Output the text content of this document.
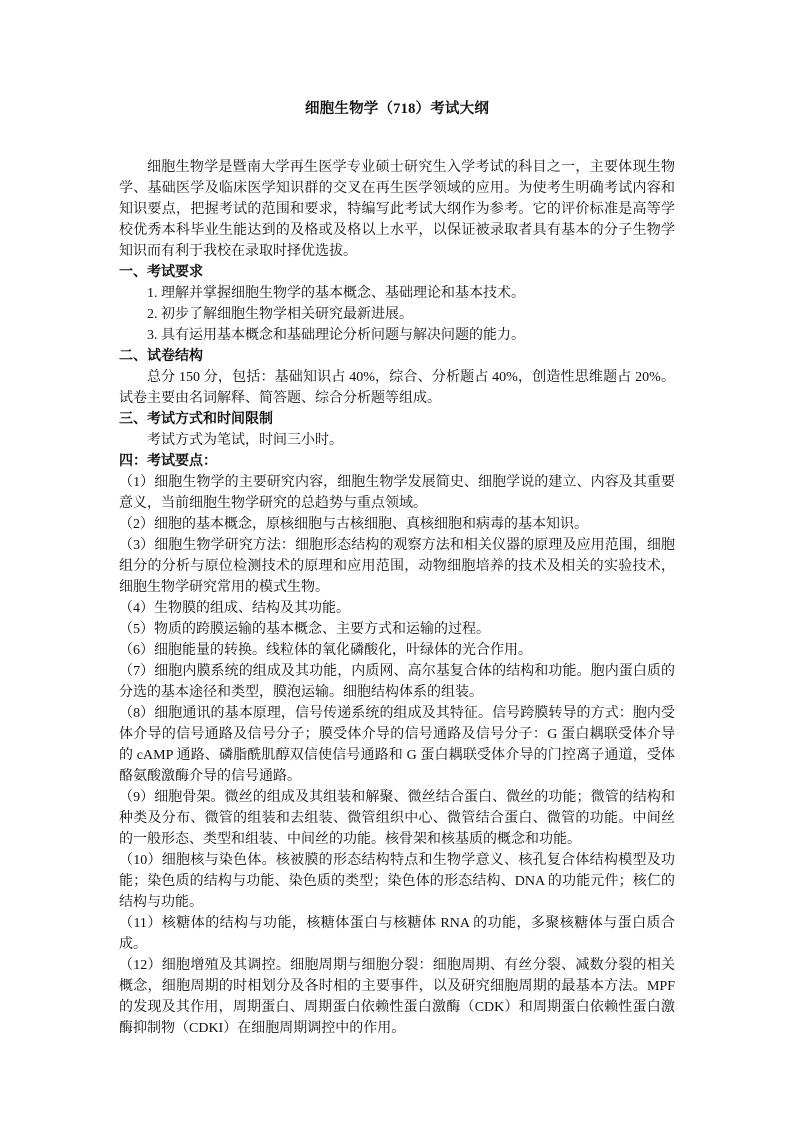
细胞生物学（718）考试大纲

细胞生物学是暨南大学再生医学专业硕士研究生入学考试的科目之一，主要体现生物学、基础医学及临床医学知识群的交叉在再生医学领域的应用。为使考生明确考试内容和知识要点，把握考试的范围和要求，特编写此考试大纲作为参考。它的评价标准是高等学校优秀本科毕业生能达到的及格或及格以上水平，以保证被录取者具有基本的分子生物学知识而有利于我校在录取时择优选拔。

一、考试要求

1. 理解并掌握细胞生物学的基本概念、基础理论和基本技术。

2. 初步了解细胞生物学相关研究最新进展。

3. 具有运用基本概念和基础理论分析问题与解决问题的能力。

二、试卷结构

总分 150 分，包括：基础知识占 40%，综合、分析题占 40%，创造性思维题占 20%。试卷主要由名词解释、简答题、综合分析题等组成。

三、考试方式和时间限制

考试方式为笔试，时间三小时。

四：考试要点：

（1）细胞生物学的主要研究内容，细胞生物学发展简史、细胞学说的建立、内容及其重要意义，当前细胞生物学研究的总趋势与重点领域。

（2）细胞的基本概念，原核细胞与古核细胞、真核细胞和病毒的基本知识。

（3）细胞生物学研究方法：细胞形态结构的观察方法和相关仪器的原理及应用范围，细胞组分的分析与原位检测技术的原理和应用范围，动物细胞培养的技术及相关的实验技术，细胞生物学研究常用的模式生物。

（4）生物膜的组成、结构及其功能。

（5）物质的跨膜运输的基本概念、主要方式和运输的过程。

（6）细胞能量的转换。线粒体的氧化磷酸化，叶绿体的光合作用。

（7）细胞内膜系统的组成及其功能，内质网、高尔基复合体的结构和功能。胞内蛋白质的分选的基本途径和类型，膜泡运输。细胞结构体系的组装。

（8）细胞通讯的基本原理，信号传递系统的组成及其特征。信号跨膜转导的方式：胞内受体介导的信号通路及信号分子；膜受体介导的信号通路及信号分子：G 蛋白耦联受体介导的 cAMP 通路、磷脂酰肌醇双信使信号通路和 G 蛋白耦联受体介导的门控离子通道，受体酪氨酸激酶介导的信号通路。

（9）细胞骨架。微丝的组成及其组装和解聚、微丝结合蛋白、微丝的功能；微管的结构和种类及分布、微管的组装和去组装、微管组织中心、微管结合蛋白、微管的功能。中间丝的一般形态、类型和组装、中间丝的功能。核骨架和核基质的概念和功能。

（10）细胞核与染色体。核被膜的形态结构特点和生物学意义、核孔复合体结构模型及功能；染色质的结构与功能、染色质的类型；染色体的形态结构、DNA 的功能元件；核仁的结构与功能。

（11）核糖体的结构与功能，核糖体蛋白与核糖体 RNA 的功能，多聚核糖体与蛋白质合成。

（12）细胞增殖及其调控。细胞周期与细胞分裂：细胞周期、有丝分裂、减数分裂的相关概念，细胞周期的时相划分及各时相的主要事件，以及研究细胞周期的最基本方法。MPF 的发现及其作用，周期蛋白、周期蛋白依赖性蛋白激酶（CDK）和周期蛋白依赖性蛋白激酶抑制物（CDKI）在细胞周期调控中的作用。
